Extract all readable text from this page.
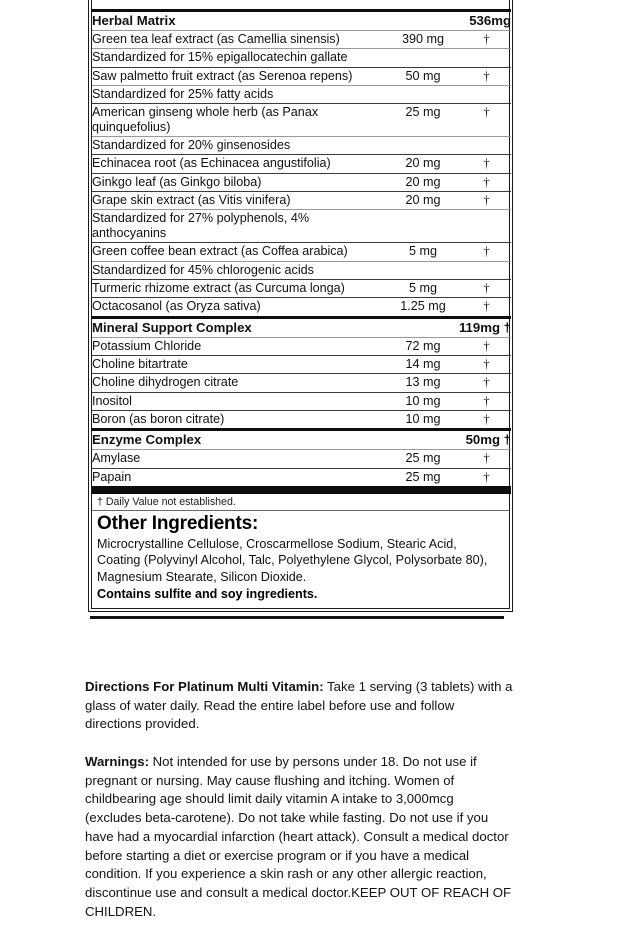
Herbal Matrix	536mg	
Green tea leaf extract (as Camellia sinensis)	390 mg	†
Standardized for 15% epigallocatechin gallate		
Saw palmetto fruit extract (as Serenoa repens)	50 mg	†
Standardized for 25% fatty acids		
American ginseng whole herb (as Panax quinquefolius)	25 mg	†
Standardized for 20% ginsenosides		
Echinacea root (as Echinacea angustifolia)	20 mg	†
Ginkgo leaf (as Ginkgo biloba)	20 mg	†
Grape skin extract (as Vitis vinifera)	20 mg	†
Standardized for 27% polyphenols, 4% anthocyanins		
Green coffee bean extract (as Coffea arabica)	5 mg	†
Standardized for 45% chlorogenic acids		
Turmeric rhizome extract (as Curcuma longa)	5 mg	†
Octacosanol (as Oryza sativa)	1.25 mg	†
Mineral Support Complex	119mg †	
Potassium Chloride	72 mg	†
Choline bitartrate	14 mg	†
Choline dihydrogen citrate	13 mg	†
Inositol	10 mg	†
Boron (as boron citrate)	10 mg	†
Enzyme Complex	50mg †	
Amylase	25 mg	†
Papain	25 mg	†

† Daily Value not established.
Other Ingredients:
Microcrystalline Cellulose, Croscarmellose Sodium, Stearic Acid, Coating (Polyvinyl Alcohol, Talc, Polyethylene Glycol, Polysorbate 80), Magnesium Stearate, Silicon Dioxide.
Contains sulfite and soy ingredients.

Directions For Platinum Multi Vitamin: Take 1 serving (3 tablets) with a glass of water daily. Read the entire label before use and follow directions provided.

Warnings: Not intended for use by persons under 18. Do not use if pregnant or nursing. May cause flushing and itching. Women of childbearing age should limit daily vitamin A intake to 3,000mcg (excludes beta-carotene). Do not take while fasting. Do not use if you have had a myocardial infarction (heart attack). Consult a medical doctor before starting a diet or exercise program or if you have a medical condition. If you experience a skin rash or any other allergic reaction, discontinue use and consult a medical doctor.KEEP OUT OF REACH OF CHILDREN.
